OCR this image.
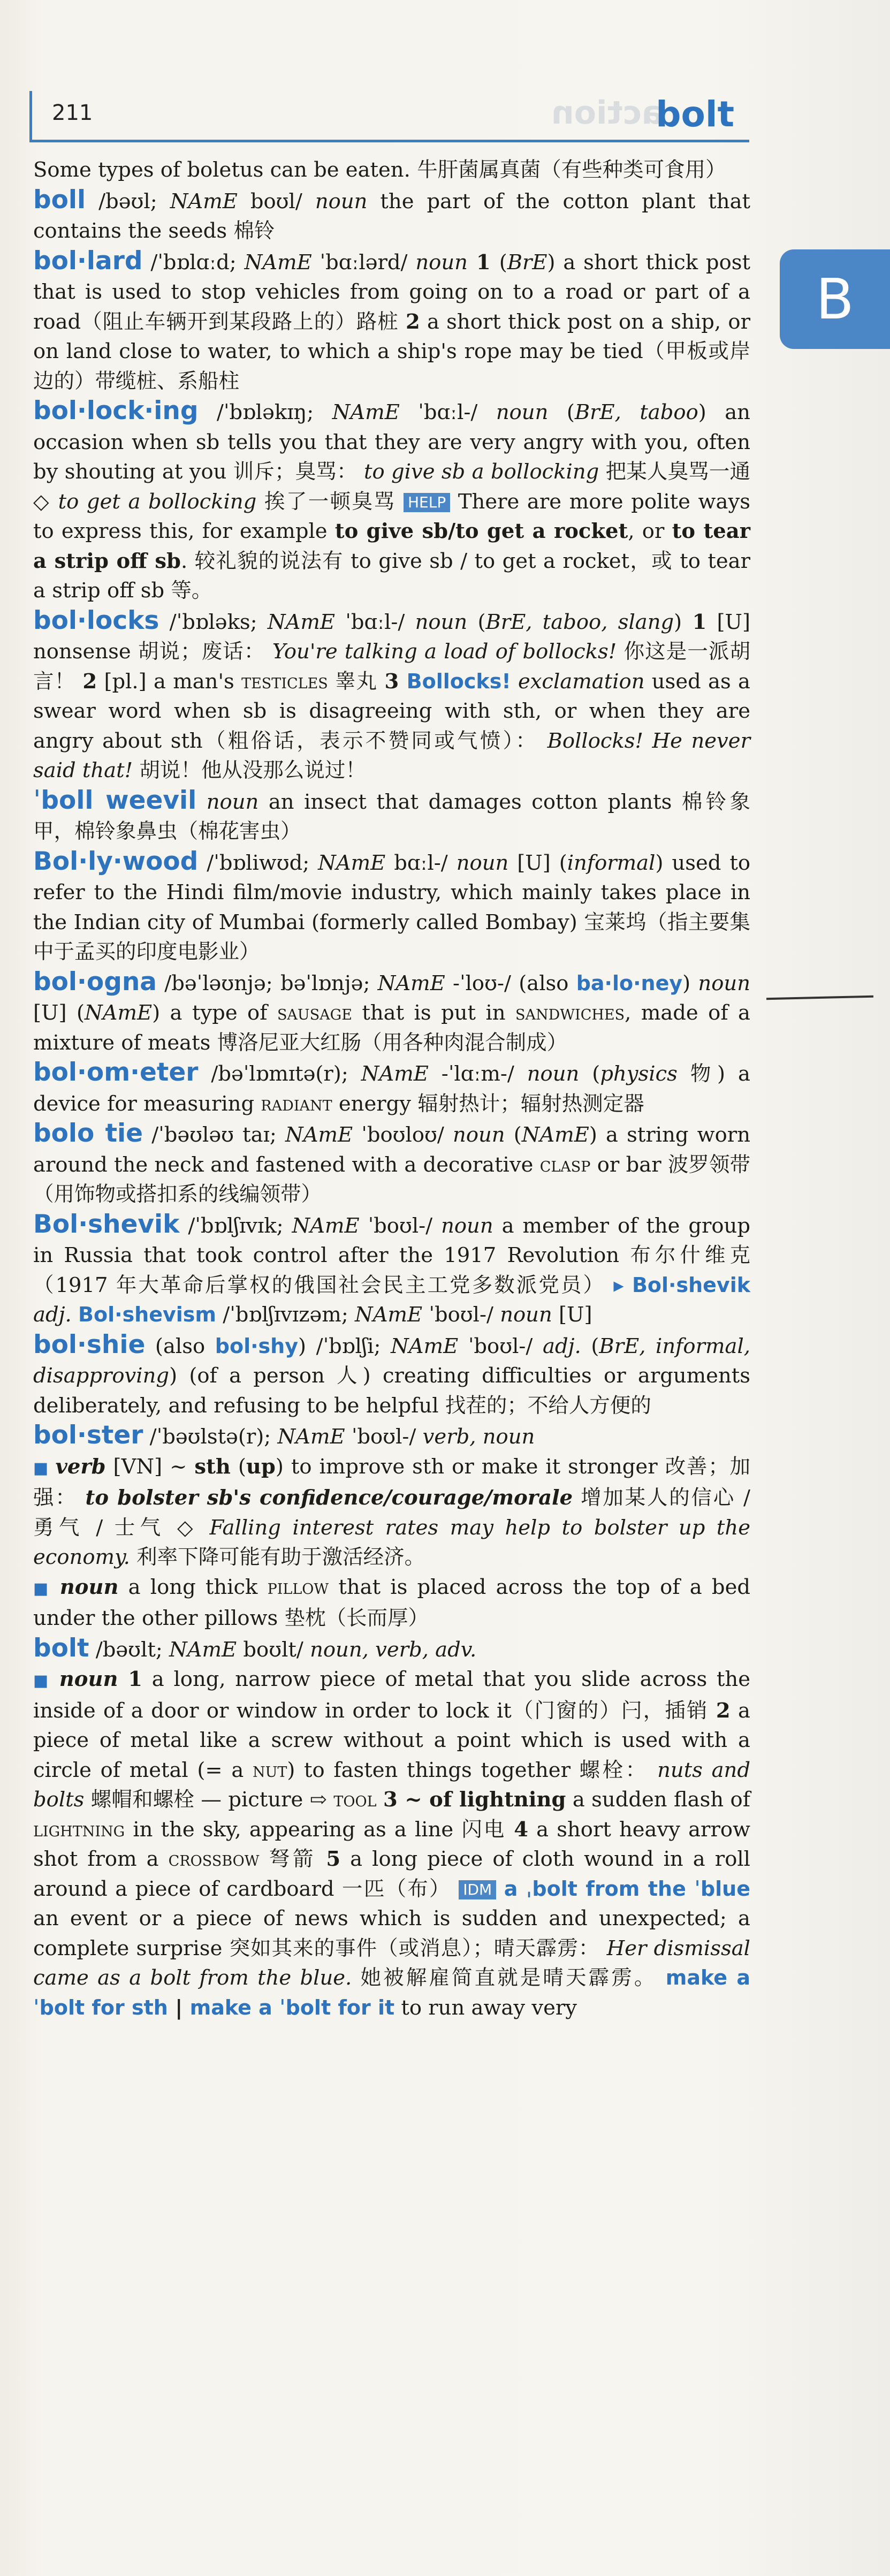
211	action
bolt
B

Some types of boletus can be eaten. 牛肝菌属真菌（有些种类可食用）

boll /bəʊl; NAmE boʊl/ noun the part of the cotton plant that contains the seeds 棉铃

bol·lard /ˈbɒlɑːd; NAmE ˈbɑːlərd/ noun 1 (BrE) a short thick post that is used to stop vehicles from going on to a road or part of a road（阻止车辆开到某段路上的）路桩 2 a short thick post on a ship, or on land close to water, to which a ship's rope may be tied（甲板或岸边的）带缆桩、系船柱

bol·lock·ing /ˈbɒləkɪŋ; NAmE ˈbɑːl-/ noun (BrE, taboo) an occasion when sb tells you that they are very angry with you, often by shouting at you 训斥；臭骂： to give sb a bollocking 把某人臭骂一通 ◇ to get a bollocking 挨了一顿臭骂 HELP There are more polite ways to express this, for example to give sb/to get a rocket, or to tear a strip off sb. 较礼貌的说法有 to give sb / to get a rocket，或 to tear a strip off sb 等。

bol·locks /ˈbɒləks; NAmE ˈbɑːl-/ noun (BrE, taboo, slang) 1 [U] nonsense 胡说；废话： You're talking a load of bollocks! 你这是一派胡言！ 2 [pl.] a man's testicles 睾丸 3 Bollocks! exclamation used as a swear word when sb is disagreeing with sth, or when they are angry about sth（粗俗话，表示不赞同或气愤）： Bollocks! He never said that! 胡说！他从没那么说过！

ˈboll weevil noun an insect that damages cotton plants 棉铃象甲，棉铃象鼻虫（棉花害虫）

Bol·ly·wood /ˈbɒliwʊd; NAmE bɑːl-/ noun [U] (informal) used to refer to the Hindi film/movie industry, which mainly takes place in the Indian city of Mumbai (formerly called Bombay) 宝莱坞（指主要集中于孟买的印度电影业）

bol·ogna /bəˈləʊnjə; bəˈlɒnjə; NAmE -ˈloʊ-/ (also ba·lo·ney) noun [U] (NAmE) a type of sausage that is put in sandwiches, made of a mixture of meats 博洛尼亚大红肠（用各种肉混合制成）

bol·om·eter /bəˈlɒmɪtə(r); NAmE -ˈlɑːm-/ noun (physics 物) a device for measuring radiant energy 辐射热计；辐射热测定器

bolo tie /ˈbəʊləʊ taɪ; NAmE ˈboʊloʊ/ noun (NAmE) a string worn around the neck and fastened with a decorative clasp or bar 波罗领带（用饰物或搭扣系的线编领带）

Bol·shevik /ˈbɒlʃɪvɪk; NAmE ˈboʊl-/ noun a member of the group in Russia that took control after the 1917 Revolution 布尔什维克（1917 年大革命后掌权的俄国社会民主工党多数派党员） ▸ Bol·shevik adj. Bol·shevism /ˈbɒlʃɪvɪzəm; NAmE ˈboʊl-/ noun [U]

bol·shie (also bol·shy) /ˈbɒlʃi; NAmE ˈboʊl-/ adj. (BrE, informal, disapproving) (of a person 人) creating difficulties or arguments deliberately, and refusing to be helpful 找茬的；不给人方便的

bol·ster /ˈbəʊlstə(r); NAmE ˈboʊl-/ verb, noun

■ verb [VN] ~ sth (up) to improve sth or make it stronger 改善；加强： to bolster sb's confidence/courage/morale 增加某人的信心 / 勇气 / 士气 ◇ Falling interest rates may help to bolster up the economy. 利率下降可能有助于激活经济。

■ noun a long thick pillow that is placed across the top of a bed under the other pillows 垫枕（长而厚）

bolt /bəʊlt; NAmE boʊlt/ noun, verb, adv.

■ noun 1 a long, narrow piece of metal that you slide across the inside of a door or window in order to lock it（门窗的）闩，插销 2 a piece of metal like a screw without a point which is used with a circle of metal (= a nut) to fasten things together 螺栓： nuts and bolts 螺帽和螺栓 — picture ⇨ tool 3 ~ of lightning a sudden flash of lightning in the sky, appearing as a line 闪电 4 a short heavy arrow shot from a crossbow 弩箭 5 a long piece of cloth wound in a roll around a piece of cardboard 一匹（布） IDM a ˌbolt from the ˈblue an event or a piece of news which is sudden and unexpected; a complete surprise 突如其来的事件（或消息）；晴天霹雳： Her dismissal came as a bolt from the blue. 她被解雇简直就是晴天霹雳。 make a ˈbolt for sth | make a ˈbolt for it to run away very
